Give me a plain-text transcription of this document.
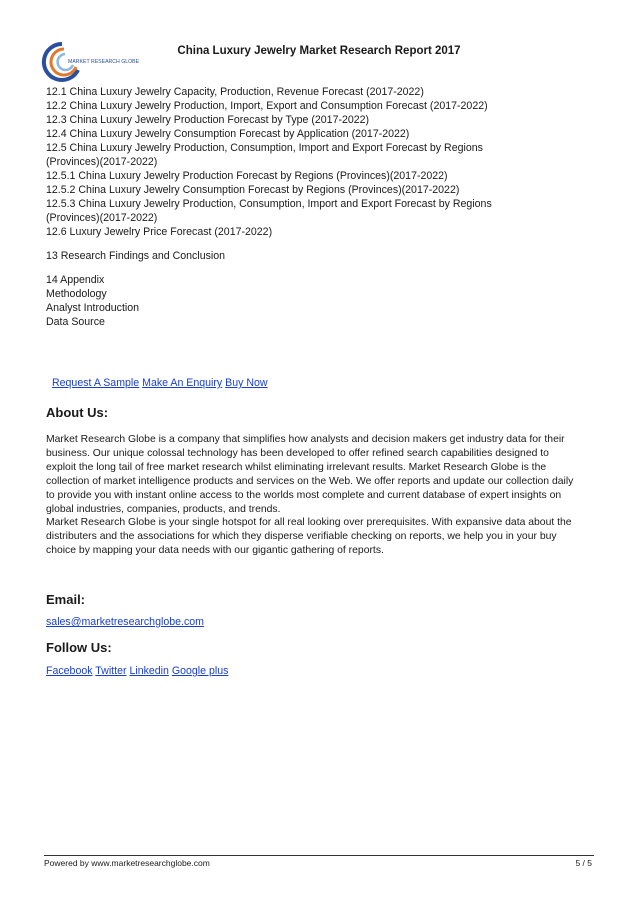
MARKET RESEARCH GLOBE
China Luxury Jewelry Market Research Report 2017
12.1 China Luxury Jewelry Capacity, Production, Revenue Forecast (2017-2022)
12.2 China Luxury Jewelry Production, Import, Export and Consumption Forecast (2017-2022)
12.3 China Luxury Jewelry Production Forecast by Type (2017-2022)
12.4 China Luxury Jewelry Consumption Forecast by Application (2017-2022)
12.5 China Luxury Jewelry Production, Consumption, Import and Export Forecast by Regions
(Provinces)(2017-2022)
12.5.1 China Luxury Jewelry Production Forecast by Regions (Provinces)(2017-2022)
12.5.2 China Luxury Jewelry Consumption Forecast by Regions (Provinces)(2017-2022)
12.5.3 China Luxury Jewelry Production, Consumption, Import and Export Forecast by Regions
(Provinces)(2017-2022)
12.6 Luxury Jewelry Price Forecast (2017-2022)
13 Research Findings and Conclusion
14 Appendix
Methodology
Analyst Introduction
Data Source
Request A Sample Make An Enquiry Buy Now
About Us:
Market Research Globe is a company that simplifies how analysts and decision makers get industry data for their
business. Our unique colossal technology has been developed to offer refined search capabilities designed to
exploit the long tail of free market research whilst eliminating irrelevant results. Market Research Globe is the
collection of market intelligence products and services on the Web. We offer reports and update our collection daily
to provide you with instant online access to the worlds most complete and current database of expert insights on
global industries, companies, products, and trends.
Market Research Globe is your single hotspot for all real looking over prerequisites. With expansive data about the
distributers and the associations for which they disperse verifiable checking on reports, we help you in your buy
choice by mapping your data needs with our gigantic gathering of reports.
Email:
sales@marketresearchglobe.com
Follow Us:
Facebook Twitter Linkedin Google plus
Powered by www.marketresearchglobe.com	5 / 5
